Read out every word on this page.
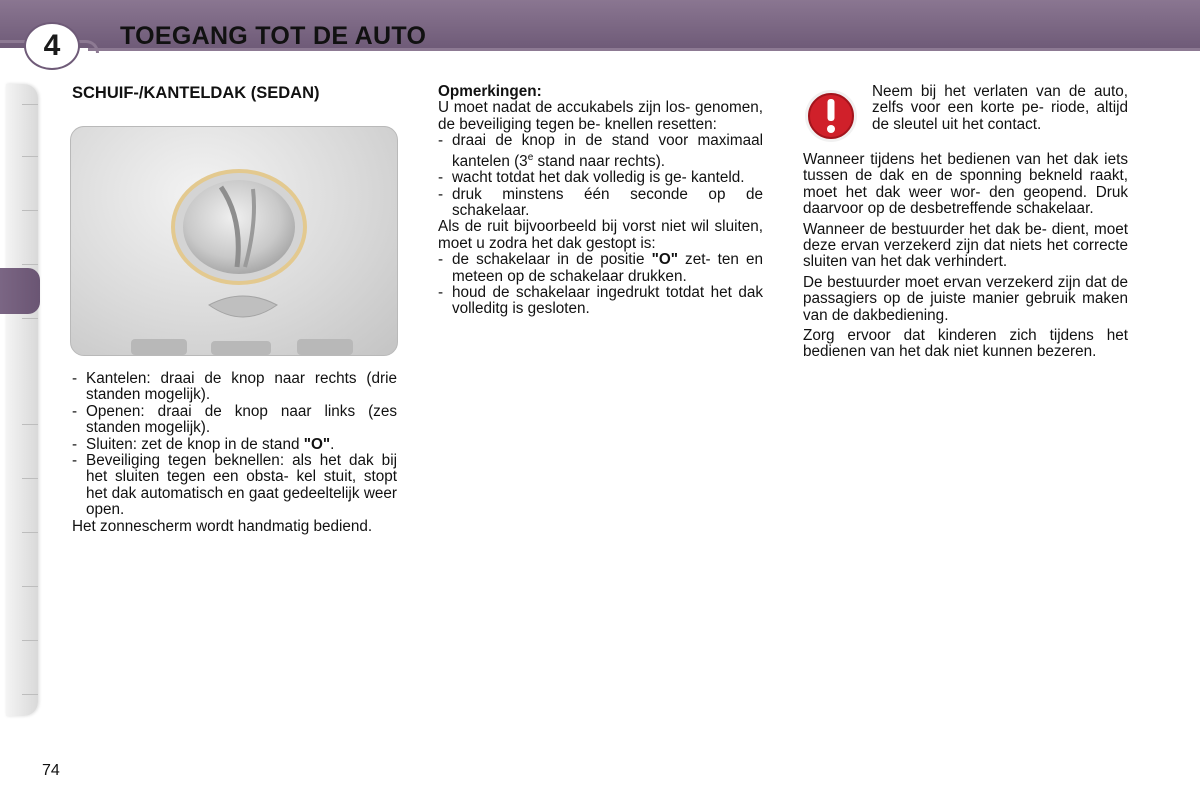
4 TOEGANG TOT DE AUTO
SCHUIF-/KANTELDAK (SEDAN)
- Kantelen: draai de knop naar rechts (drie standen mogelijk).
- Openen: draai de knop naar links (zes standen mogelijk).
- Sluiten: zet de knop in de stand "O".
- Beveiliging tegen beknellen: als het dak bij het sluiten tegen een obsta- kel stuit, stopt het dak automatisch en gaat gedeeltelijk weer open.

Het zonnescherm wordt handmatig bediend.

Opmerkingen:

U moet nadat de accukabels zijn los- genomen, de beveiliging tegen be- knellen resetten:

- draai de knop in de stand voor maximaal kantelen (3e stand naar rechts).
- wacht totdat het dak volledig is ge- kanteld.
- druk minstens één seconde op de schakelaar.

Als de ruit bijvoorbeeld bij vorst niet wil sluiten, moet u zodra het dak gestopt is:

- de schakelaar in de positie "O" zet- ten en meteen op de schakelaar drukken.
- houd de schakelaar ingedrukt totdat het dak volleditg is gesloten.

Neem bij het verlaten van de auto, zelfs voor een korte pe- riode, altijd de sleutel uit het contact.

Wanneer tijdens het bedienen van het dak iets tussen de dak en de sponning bekneld raakt, moet het dak weer wor- den geopend. Druk daarvoor op de desbetreffende schakelaar.

Wanneer de bestuurder het dak be- dient, moet deze ervan verzekerd zijn dat niets het correcte sluiten van het dak verhindert.

De bestuurder moet ervan verzekerd zijn dat de passagiers op de juiste manier gebruik maken van de dakbediening.

Zorg ervoor dat kinderen zich tijdens het bedienen van het dak niet kunnen bezeren.

74
